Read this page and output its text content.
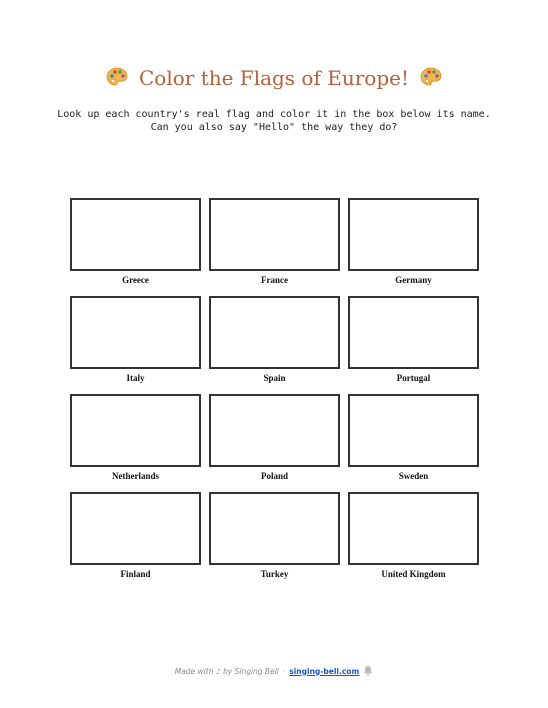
Color the Flags of Europe!
Look up each country's real flag and color it in the box below its name.
Can you also say "Hello" the way they do?
Greece	France	Germany
Italy	Spain	Portugal
Netherlands	Poland	Sweden
Finland	Turkey	United Kingdom
Made with ♪ by Singing Bell · singing-bell.com
